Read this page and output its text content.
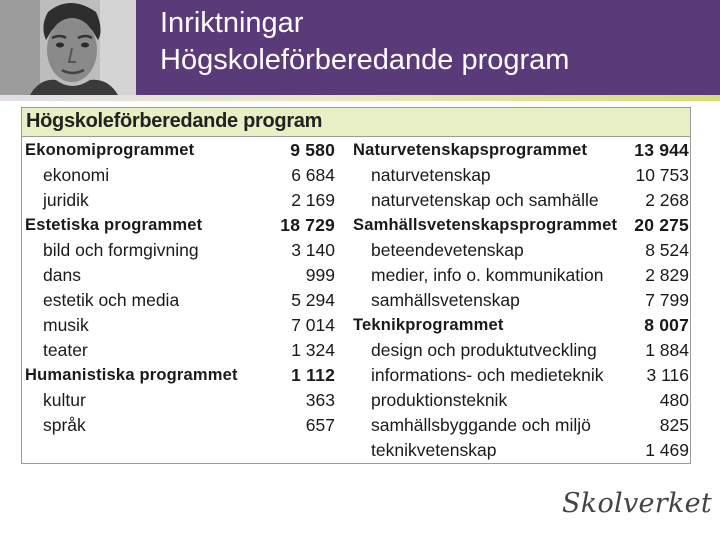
Inriktningar
Högskoleförberedande program
Högskoleförberedande program
Ekonomiprogrammet	9 580
ekonomi	6 684
juridik	2 169
Estetiska programmet	18 729
bild och formgivning	3 140
dans	999
estetik och media	5 294
musik	7 014
teater	1 324
Humanistiska programmet	1 112
kultur	363
språk	657
Naturvetenskapsprogrammet	13 944
naturvetenskap	10 753
naturvetenskap och samhälle	2 268
Samhällsvetenskapsprogrammet 20 275
beteendevetenskap	8 524
medier, info o. kommunikation 2 829
samhällsvetenskap	7 799
Teknikprogrammet	8 007
design och produktutveckling	1 884
informations- och medieteknik 3 116
produktionsteknik	480
samhällsbyggande och miljö	825
teknikvetenskap	1 469
Skolverket
